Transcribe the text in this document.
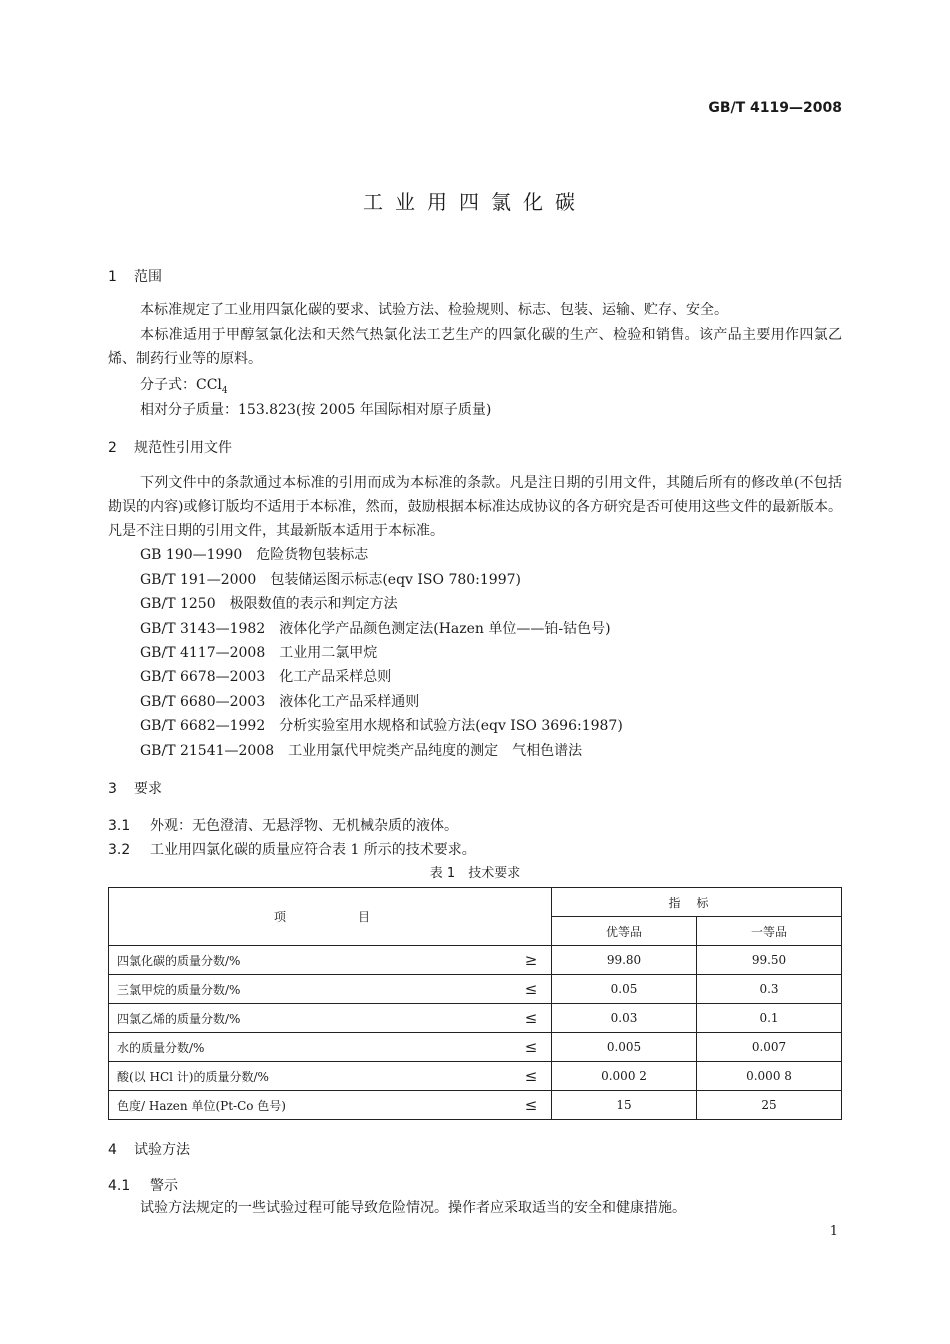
GB/T 4119—2008
工业用四氯化碳
1 范围
本标准规定了工业用四氯化碳的要求、试验方法、检验规则、标志、包装、运输、贮存、安全。
本标准适用于甲醇氢氯化法和天然气热氯化法工艺生产的四氯化碳的生产、检验和销售。该产品主要用作四氯乙烯、制药行业等的原料。
分子式：CCl$_4$
相对分子质量：153.823(按 2005 年国际相对原子质量)
2 规范性引用文件
下列文件中的条款通过本标准的引用而成为本标准的条款。凡是注日期的引用文件，其随后所有的修改单(不包括勘误的内容)或修订版均不适用于本标准，然而，鼓励根据本标准达成协议的各方研究是否可使用这些文件的最新版本。凡是不注日期的引用文件，其最新版本适用于本标准。
GB 190—1990 危险货物包装标志
GB/T 191—2000 包装储运图示标志(eqv ISO 780:1997)
GB/T 1250 极限数值的表示和判定方法
GB/T 3143—1982 液体化学产品颜色测定法(Hazen 单位——铂-钴色号)
GB/T 4117—2008 工业用二氯甲烷
GB/T 6678—2003 化工产品采样总则
GB/T 6680—2003 液体化工产品采样通则
GB/T 6682—1992 分析实验室用水规格和试验方法(eqv ISO 3696:1987)
GB/T 21541—2008 工业用氯代甲烷类产品纯度的测定　气相色谱法
3 要求
3.1 外观：无色澄清、无悬浮物、无机械杂质的液体。
3.2 工业用四氯化碳的质量应符合表 1 所示的技术要求。
表 1　技术要求
项　　目		指标	
		优等品	一等品
四氯化碳的质量分数/%	≥	99.80	99.50
三氯甲烷的质量分数/%	≤	0.05	0.3
四氯乙烯的质量分数/%	≤	0.03	0.1
水的质量分数/%	≤	0.005	0.007
酸(以 HCl 计)的质量分数/%	≤	0.000 2	0.000 8
色度/ Hazen 单位(Pt-Co 色号)	≤	15	25
4 试验方法
4.1 警示
试验方法规定的一些试验过程可能导致危险情况。操作者应采取适当的安全和健康措施。
1
